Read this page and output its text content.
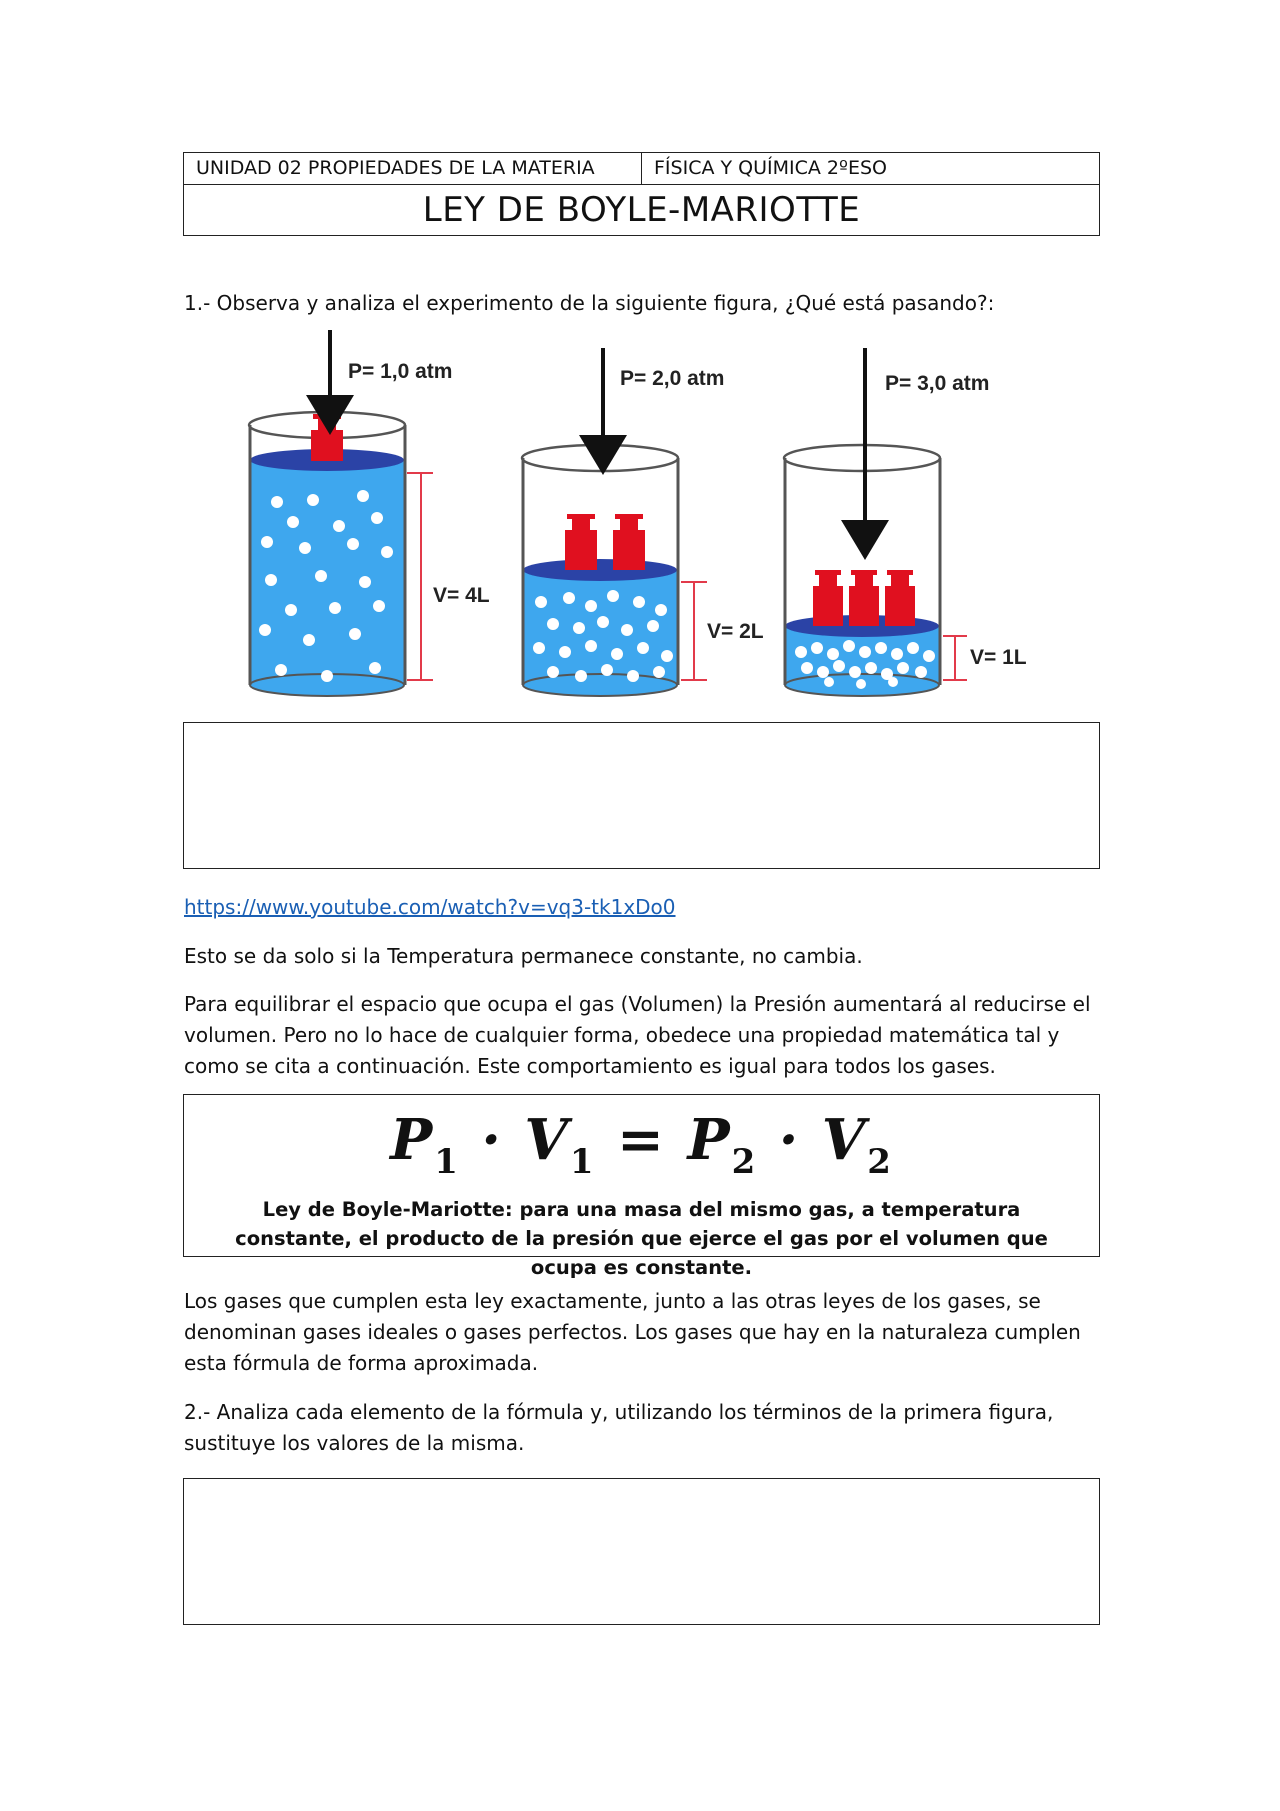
UNIDAD 02 PROPIEDADES DE LA MATERIA	FÍSICA Y QUÍMICA 2ºESO
LEY DE BOYLE-MARIOTTE
1.- Observa y analiza el experimento de la siguiente figura, ¿Qué está pasando?:
P= 1,0 atm
V= 4L
P= 2,0 atm
V= 2L
P= 3,0 atm
V= 1L
https://www.youtube.com/watch?v=vq3-tk1xDo0
Esto se da solo si la Temperatura permanece constante, no cambia.
Para equilibrar el espacio que ocupa el gas (Volumen) la Presión aumentará al reducirse el volumen. Pero no lo hace de cualquier forma, obedece una propiedad matemática tal y como se cita a continuación. Este comportamiento es igual para todos los gases.
$P_1 \cdot V_1 = P_2 \cdot V_2$
Ley de Boyle-Mariotte: para una masa del mismo gas, a temperatura constante, el producto de la presión que ejerce el gas por el volumen que ocupa es constante.
Los gases que cumplen esta ley exactamente, junto a las otras leyes de los gases, se denominan gases ideales o gases perfectos. Los gases que hay en la naturaleza cumplen esta fórmula de forma aproximada.
2.- Analiza cada elemento de la fórmula y, utilizando los términos de la primera figura, sustituye los valores de la misma.
